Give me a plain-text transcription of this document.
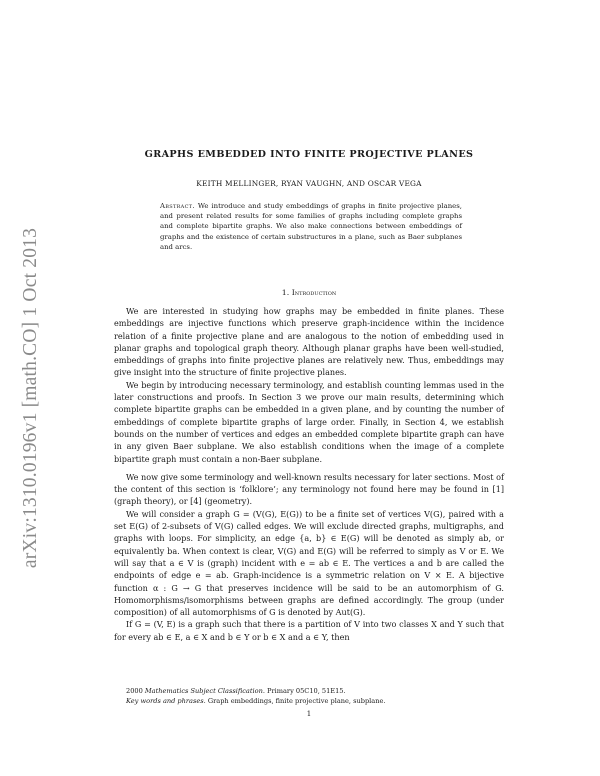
arXiv:1310.0196v1 [math.CO] 1 Oct 2013
GRAPHS EMBEDDED INTO FINITE PROJECTIVE PLANES
KEITH MELLINGER, RYAN VAUGHN, AND OSCAR VEGA
Abstract. We introduce and study embeddings of graphs in finite projective planes, and present related results for some families of graphs including complete graphs and complete bipartite graphs. We also make connections between embeddings of graphs and the existence of certain substructures in a plane, such as Baer subplanes and arcs.
1. Introduction

We are interested in studying how graphs may be embedded in finite planes. These embeddings are injective functions which preserve graph-incidence within the incidence relation of a finite projective plane and are analogous to the notion of embedding used in planar graphs and topological graph theory. Although planar graphs have been well-studied, embeddings of graphs into finite projective planes are relatively new. Thus, embeddings may give insight into the structure of finite projective planes.

We begin by introducing necessary terminology, and establish counting lemmas used in the later constructions and proofs. In Section 3 we prove our main results, determining which complete bipartite graphs can be embedded in a given plane, and by counting the number of embeddings of complete bipartite graphs of large order. Finally, in Section 4, we establish bounds on the number of vertices and edges an embedded complete bipartite graph can have in any given Baer subplane. We also establish conditions when the image of a complete bipartite graph must contain a non-Baer subplane.

We now give some terminology and well-known results necessary for later sections. Most of the content of this section is ‘folklore’; any terminology not found here may be found in [1] (graph theory), or [4] (geometry).

We will consider a graph G = (V(G), E(G)) to be a finite set of vertices V(G), paired with a set E(G) of 2-subsets of V(G) called edges. We will exclude directed graphs, multigraphs, and graphs with loops. For simplicity, an edge {a, b} ∈ E(G) will be denoted as simply ab, or equivalently ba. When context is clear, V(G) and E(G) will be referred to simply as V or E. We will say that a ∈ V is (graph) incident with e = ab ∈ E. The vertices a and b are called the endpoints of edge e = ab. Graph-incidence is a symmetric relation on V × E. A bijective function α : G → G that preserves incidence will be said to be an automorphism of G. Homomorphisms/isomorphisms between graphs are defined accordingly. The group (under composition) of all automorphisms of G is denoted by Aut(G).

If G = (V, E) is a graph such that there is a partition of V into two classes X and Y such that for every ab ∈ E, a ∈ X and b ∈ Y or b ∈ X and a ∈ Y, then

2000 Mathematics Subject Classification. Primary 05C10, 51E15.

Key words and phrases. Graph embeddings, finite projective plane, subplane.

1
